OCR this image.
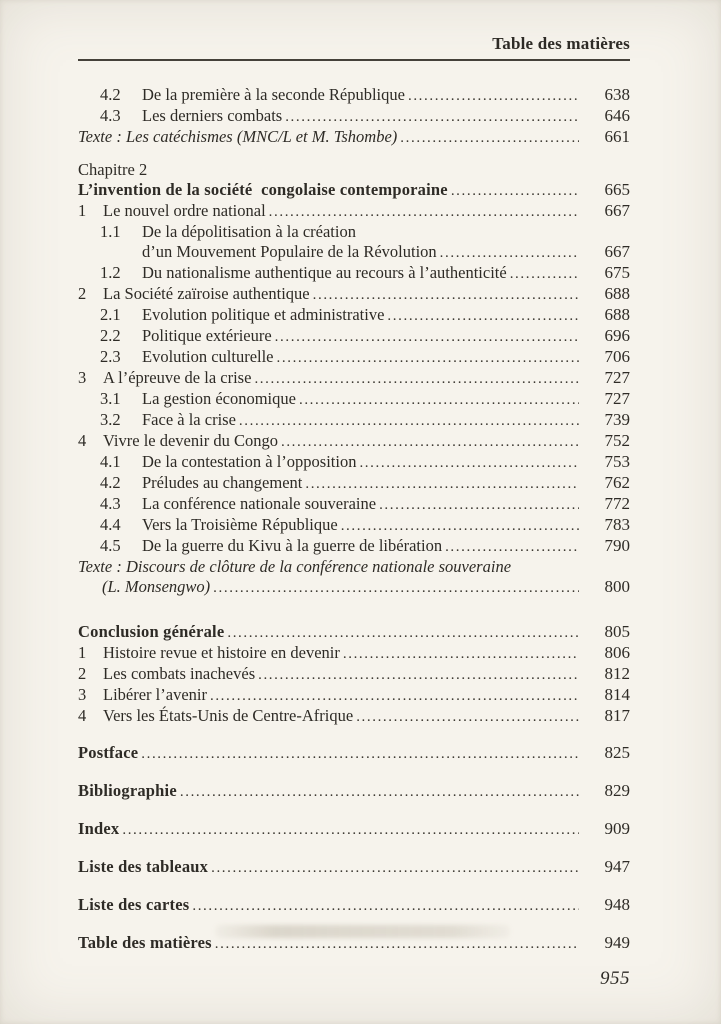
Table des matières
4.2	De la première à la seconde République .....	638
4.3	Les derniers combats .....	646
Texte : Les catéchismes (MNC/L et M. Tshombe) .....	661
Chapitre 2
L’invention de la société  congolaise contemporaine .....	665
1	Le nouvel ordre national .....	667
1.1	De la dépolitisation à la création
d’un Mouvement Populaire de la Révolution .....	667
1.2	Du nationalisme authentique au recours à l’authenticité .....	675
2	La Société zaïroise authentique .....	688
2.1	Evolution politique et administrative .....	688
2.2	Politique extérieure .....	696
2.3	Evolution culturelle .....	706
3	A l’épreuve de la crise .....	727
3.1	La gestion économique .....	727
3.2	Face à la crise .....	739
4	Vivre le devenir du Congo .....	752
4.1	De la contestation à l’opposition .....	753
4.2	Préludes au changement .....	762
4.3	La conférence nationale souveraine .....	772
4.4	Vers la Troisième République .....	783
4.5	De la guerre du Kivu à la guerre de libération .....	790
Texte : Discours de clôture de la conférence nationale souveraine
(L. Monsengwo) .....	800
Conclusion générale .....	805
1	Histoire revue et histoire en devenir .....	806
2	Les combats inachevés .....	812
3	Libérer l’avenir .....	814
4	Vers les États-Unis de Centre-Afrique .....	817
Postface .....	825
Bibliographie .....	829
Index .....	909
Liste des tableaux .....	947
Liste des cartes .....	948
Table des matières .....	949
955
